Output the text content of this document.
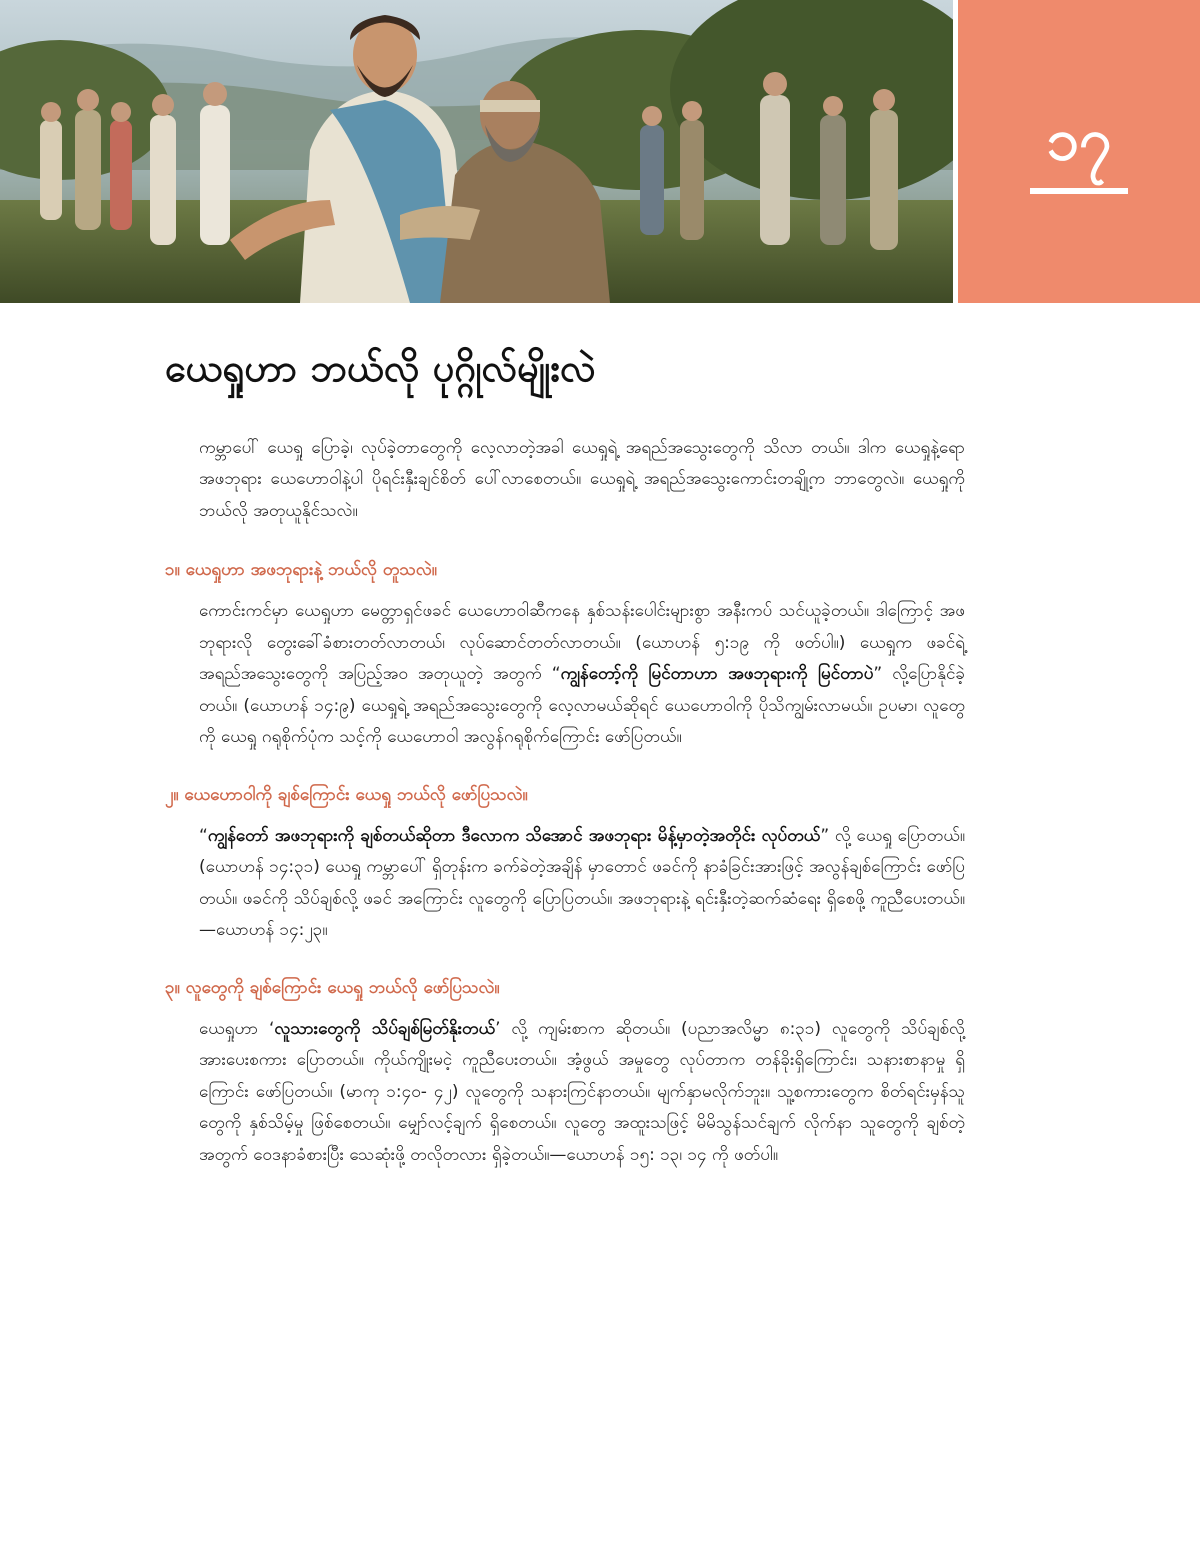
၁၇
ယေရှုဟာ ဘယ်လို ပုဂ္ဂိုလ်မျိုးလဲ

ကမ္ဘာပေါ် ယေရှု ပြောခဲ့၊ လုပ်ခဲ့တာတွေကို လေ့လာတဲ့အခါ ယေရှုရဲ့ အရည်အသွေးတွေကို သိလာ တယ်။ ဒါက ယေရှုနဲ့ရော အဖဘုရား ယေဟောဝါနဲ့ပါ ပိုရင်းနှီးချင်စိတ် ပေါ်လာစေတယ်။ ယေရှုရဲ့ အရည်အသွေးကောင်းတချို့က ဘာတွေလဲ။ ယေရှုကို ဘယ်လို အတုယူနိုင်သလဲ။

၁။ ယေရှုဟာ အဖဘုရားနဲ့ ဘယ်လို တူသလဲ။

ကောင်းကင်မှာ ယေရှုဟာ မေတ္တာရှင်ဖခင် ယေဟောဝါဆီကနေ နှစ်သန်းပေါင်းများစွာ အနီးကပ် သင်ယူခဲ့တယ်။ ဒါကြောင့် အဖဘုရားလို တွေးခေါ်ခံစားတတ်လာတယ်၊ လုပ်ဆောင်တတ်လာတယ်။ (ယောဟန် ၅:၁၉ ကို ဖတ်ပါ။) ယေရှုက ဖခင်ရဲ့ အရည်အသွေးတွေကို အပြည့်အဝ အတုယူတဲ့ အတွက် “ကျွန်တော့်ကို မြင်တာဟာ အဖဘုရားကို မြင်တာပဲ” လို့ပြောနိုင်ခဲ့တယ်။ (ယောဟန် ၁၄:၉) ယေရှုရဲ့ အရည်အသွေးတွေကို လေ့လာမယ်ဆိုရင် ယေဟောဝါကို ပိုသိကျွမ်းလာမယ်။ ဥပမာ၊ လူတွေကို ယေရှု ဂရုစိုက်ပုံက သင့်ကို ယေဟောဝါ အလွန်ဂရုစိုက်ကြောင်း ဖော်ပြတယ်။

၂။ ယေဟောဝါကို ချစ်ကြောင်း ယေရှု ဘယ်လို ဖော်ပြသလဲ။

“ကျွန်တော် အဖဘုရားကို ချစ်တယ်ဆိုတာ ဒီလောက သိအောင် အဖဘုရား မိန့်မှာတဲ့အတိုင်း လုပ်တယ်” လို့ ယေရှု ပြောတယ်။ (ယောဟန် ၁၄:၃၁) ယေရှု ကမ္ဘာပေါ် ရှိတုန်းက ခက်ခဲတဲ့အချိန် မှာတောင် ဖခင်ကို နာခံခြင်းအားဖြင့် အလွန်ချစ်ကြောင်း ဖော်ပြတယ်။ ဖခင်ကို သိပ်ချစ်လို့ ဖခင် အကြောင်း လူတွေကို ပြောပြတယ်။ အဖဘုရားနဲ့ ရင်းနှီးတဲ့ဆက်ဆံရေး ရှိစေဖို့ ကူညီပေးတယ်။ —ယောဟန် ၁၄:၂၃။

၃။ လူတွေကို ချစ်ကြောင်း ယေရှု ဘယ်လို ဖော်ပြသလဲ။

ယေရှုဟာ ‘လူသားတွေကို သိပ်ချစ်မြတ်နိုးတယ်’ လို့ ကျမ်းစာက ဆိုတယ်။ (ပညာအလိမ္မာ ၈:၃၁) လူတွေကို သိပ်ချစ်လို့ အားပေးစကား ပြောတယ်။ ကိုယ်ကျိုးမငဲ့ ကူညီပေးတယ်။ အံ့ဖွယ် အမှုတွေ လုပ်တာက တန်ခိုးရှိကြောင်း၊ သနားစာနာမှု ရှိကြောင်း ဖော်ပြတယ်။ (မာကု ၁:၄၀- ၄၂) လူတွေကို သနားကြင်နာတယ်။ မျက်နှာမလိုက်ဘူး။ သူ့စကားတွေက စိတ်ရင်းမှန်သူတွေကို နှစ်သိမ့်မှု ဖြစ်စေတယ်။ မျှော်လင့်ချက် ရှိစေတယ်။ လူတွေ အထူးသဖြင့် မိမိသွန်သင်ချက် လိုက်နာ သူတွေကို ချစ်တဲ့အတွက် ဝေဒနာခံစားပြီး သေဆုံးဖို့ တလိုတလား ရှိခဲ့တယ်။—ယောဟန် ၁၅: ၁၃၊ ၁၄ ကို ဖတ်ပါ။
